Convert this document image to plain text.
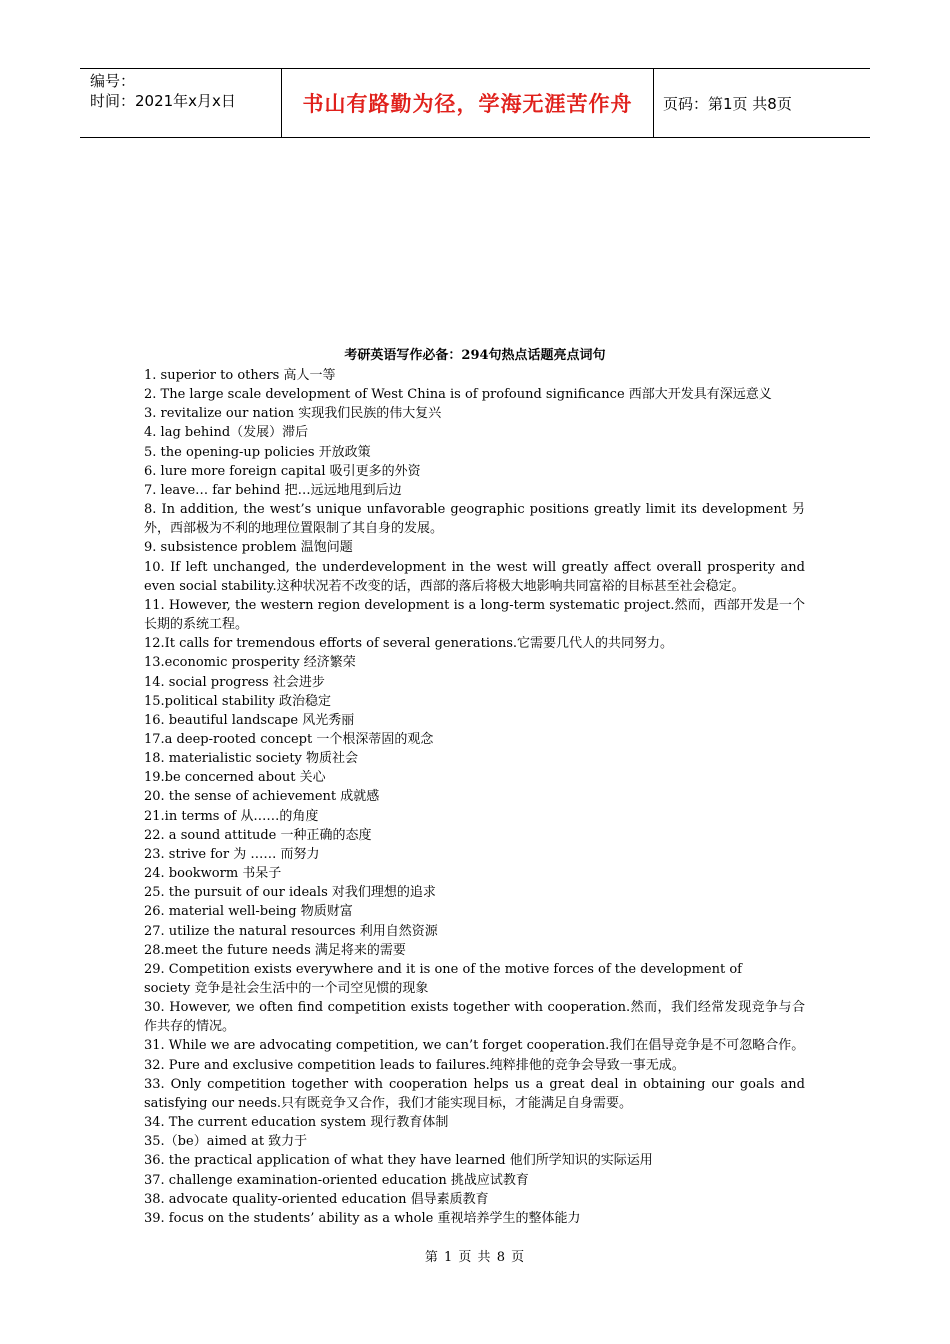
编号：
时间：2021年x月x日	书山有路勤为径，学海无涯苦作舟	页码：第1页 共8页
考研英语写作必备：294句热点话题亮点词句
1. superior to others 高人一等
2. The large scale development of West China is of profound significance 西部大开发具有深远意义
3. revitalize our nation 实现我们民族的伟大复兴
4. lag behind（发展）滞后
5. the opening-up policies 开放政策
6. lure more foreign capital 吸引更多的外资
7. leave… far behind 把…远远地甩到后边
8. In addition, the west’s unique unfavorable geographic positions greatly limit its development 另外，西部极为不利的地理位置限制了其自身的发展。
9. subsistence problem 温饱问题
10. If left unchanged, the underdevelopment in the west will greatly affect overall prosperity and even social stability.这种状况若不改变的话，西部的落后将极大地影响共同富裕的目标甚至社会稳定。
11. However, the western region development is a long-term systematic project.然而，西部开发是一个长期的系统工程。
12.It calls for tremendous efforts of several generations.它需要几代人的共同努力。
13.economic prosperity 经济繁荣
14. social progress 社会进步
15.political stability 政治稳定
16. beautiful landscape 风光秀丽
17.a deep-rooted concept 一个根深蒂固的观念
18. materialistic society 物质社会
19.be concerned about 关心
20. the sense of achievement 成就感
21.in terms of 从……的角度
22. a sound attitude 一种正确的态度
23. strive for 为 …… 而努力
24. bookworm 书呆子
25. the pursuit of our ideals 对我们理想的追求
26. material well-being 物质财富
27. utilize the natural resources 利用自然资源
28.meet the future needs 满足将来的需要
29. Competition exists everywhere and it is one of the motive forces of the development of
society 竞争是社会生活中的一个司空见惯的现象
30. However, we often find competition exists together with cooperation.然而，我们经常发现竞争与合作共存的情况。
31. While we are advocating competition, we can’t forget cooperation.我们在倡导竞争是不可忽略合作。
32. Pure and exclusive competition leads to failures.纯粹排他的竞争会导致一事无成。
33. Only competition together with cooperation helps us a great deal in obtaining our goals and satisfying our needs.只有既竞争又合作，我们才能实现目标，才能满足自身需要。
34. The current education system 现行教育体制
35.（be）aimed at 致力于
36. the practical application of what they have learned 他们所学知识的实际运用
37. challenge examination-oriented education 挑战应试教育
38. advocate quality-oriented education 倡导素质教育
39. focus on the students’ ability as a whole 重视培养学生的整体能力
第 1 页 共 8 页
